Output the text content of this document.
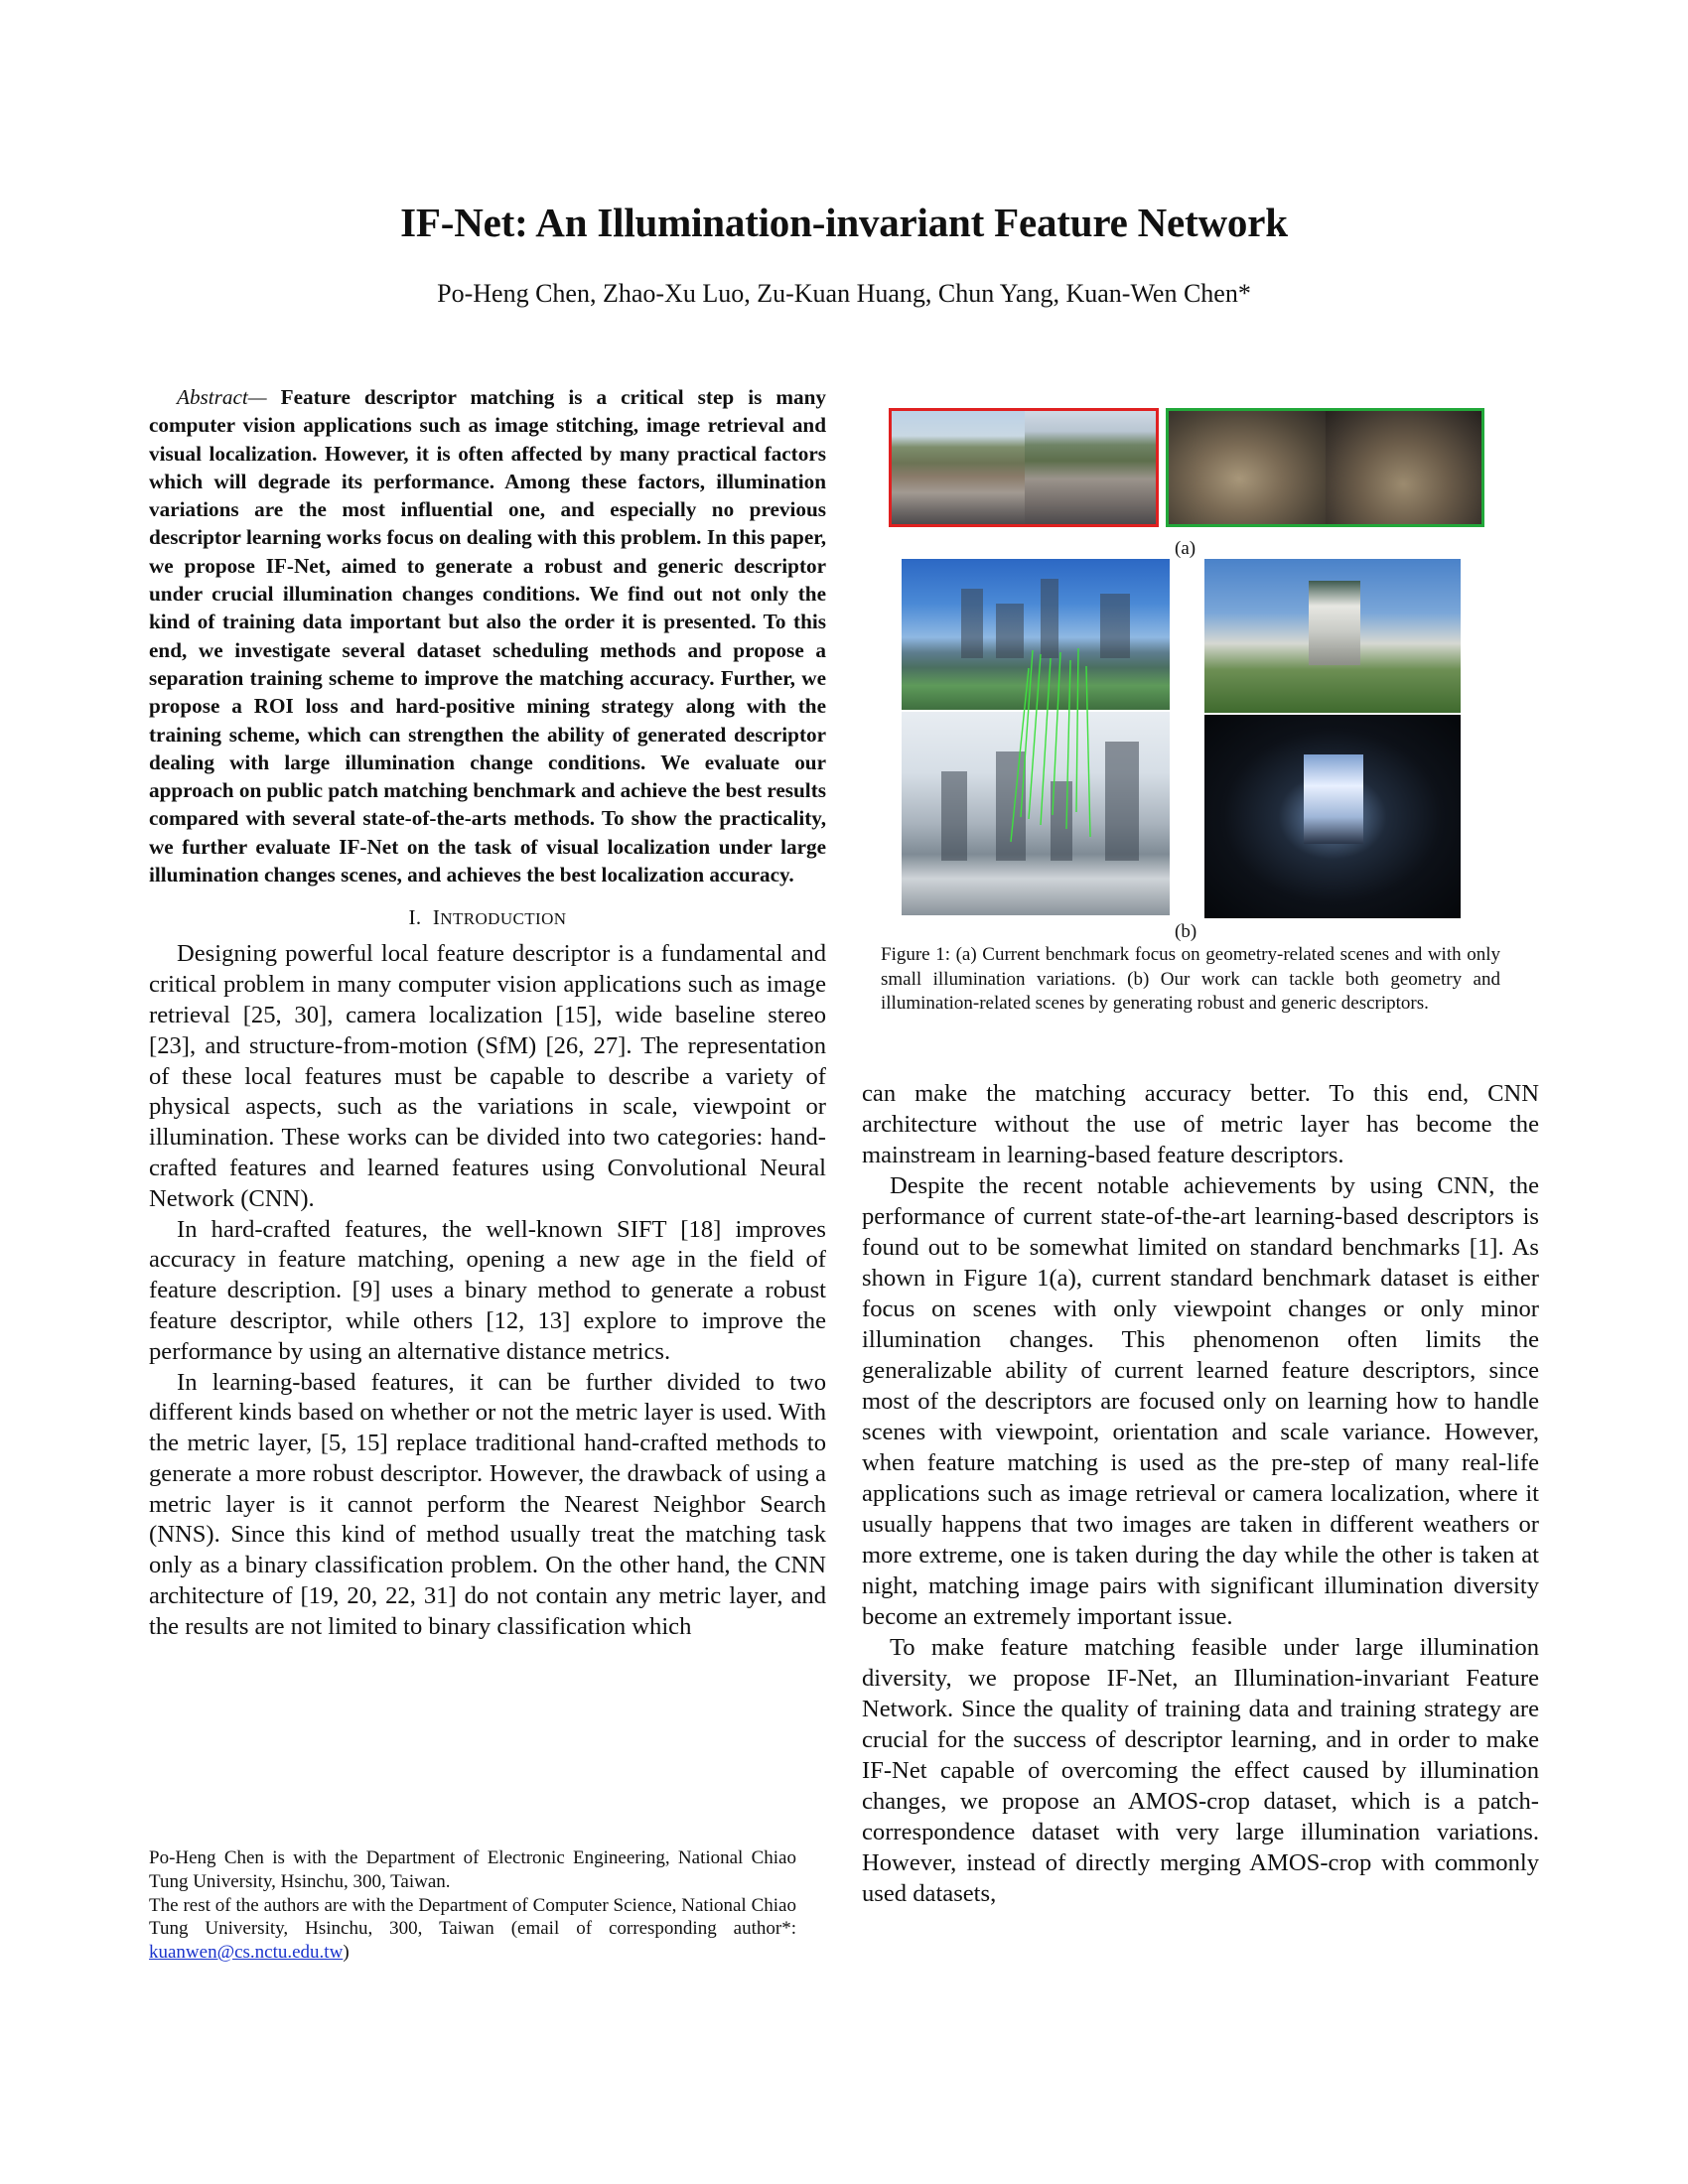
IF-Net: An Illumination-invariant Feature Network
Po-Heng Chen, Zhao-Xu Luo, Zu-Kuan Huang, Chun Yang, Kuan-Wen Chen*

Abstract— Feature descriptor matching is a critical step is many computer vision applications such as image stitching, image retrieval and visual localization. However, it is often affected by many practical factors which will degrade its performance. Among these factors, illumination variations are the most influential one, and especially no previous descriptor learning works focus on dealing with this problem. In this paper, we propose IF-Net, aimed to generate a robust and generic descriptor under crucial illumination changes conditions. We find out not only the kind of training data important but also the order it is presented. To this end, we investigate several dataset scheduling methods and propose a separation training scheme to improve the matching accuracy. Further, we propose a ROI loss and hard-positive mining strategy along with the training scheme, which can strengthen the ability of generated descriptor dealing with large illumination change conditions. We evaluate our approach on public patch matching benchmark and achieve the best results compared with several state-of-the-arts methods. To show the practicality, we further evaluate IF-Net on the task of visual localization under large illumination changes scenes, and achieves the best localization accuracy.

I. INTRODUCTION

Designing powerful local feature descriptor is a fundamental and critical problem in many computer vision applications such as image retrieval [25, 30], camera localization [15], wide baseline stereo [23], and structure-from-motion (SfM) [26, 27]. The representation of these local features must be capable to describe a variety of physical aspects, such as the variations in scale, viewpoint or illumination. These works can be divided into two categories: hand-crafted features and learned features using Convolutional Neural Network (CNN).

In hard-crafted features, the well-known SIFT [18] improves accuracy in feature matching, opening a new age in the field of feature description. [9] uses a binary method to generate a robust feature descriptor, while others [12, 13] explore to improve the performance by using an alternative distance metrics.

In learning-based features, it can be further divided to two different kinds based on whether or not the metric layer is used. With the metric layer, [5, 15] replace traditional hand-crafted methods to generate a more robust descriptor. However, the drawback of using a metric layer is it cannot perform the Nearest Neighbor Search (NNS). Since this kind of method usually treat the matching task only as a binary classification problem. On the other hand, the CNN architecture of [19, 20, 22, 31] do not contain any metric layer, and the results are not limited to binary classification which

Po-Heng Chen is with the Department of Electronic Engineering, National Chiao Tung University, Hsinchu, 300, Taiwan.

The rest of the authors are with the Department of Computer Science, National Chiao Tung University, Hsinchu, 300, Taiwan (email of corresponding author*: kuanwen@cs.nctu.edu.tw)

(a)
(b)
Figure 1: (a) Current benchmark focus on geometry-related scenes and with only small illumination variations. (b) Our work can tackle both geometry and illumination-related scenes by generating robust and generic descriptors.

can make the matching accuracy better. To this end, CNN architecture without the use of metric layer has become the mainstream in learning-based feature descriptors.

Despite the recent notable achievements by using CNN, the performance of current state-of-the-art learning-based descriptors is found out to be somewhat limited on standard benchmarks [1]. As shown in Figure 1(a), current standard benchmark dataset is either focus on scenes with only viewpoint changes or only minor illumination changes. This phenomenon often limits the generalizable ability of current learned feature descriptors, since most of the descriptors are focused only on learning how to handle scenes with viewpoint, orientation and scale variance. However, when feature matching is used as the pre-step of many real-life applications such as image retrieval or camera localization, where it usually happens that two images are taken in different weathers or more extreme, one is taken during the day while the other is taken at night, matching image pairs with significant illumination diversity become an extremely important issue.

To make feature matching feasible under large illumination diversity, we propose IF-Net, an Illumination-invariant Feature Network. Since the quality of training data and training strategy are crucial for the success of descriptor learning, and in order to make IF-Net capable of overcoming the effect caused by illumination changes, we propose an AMOS-crop dataset, which is a patch-correspondence dataset with very large illumination variations. However, instead of directly merging AMOS-crop with commonly used datasets,
